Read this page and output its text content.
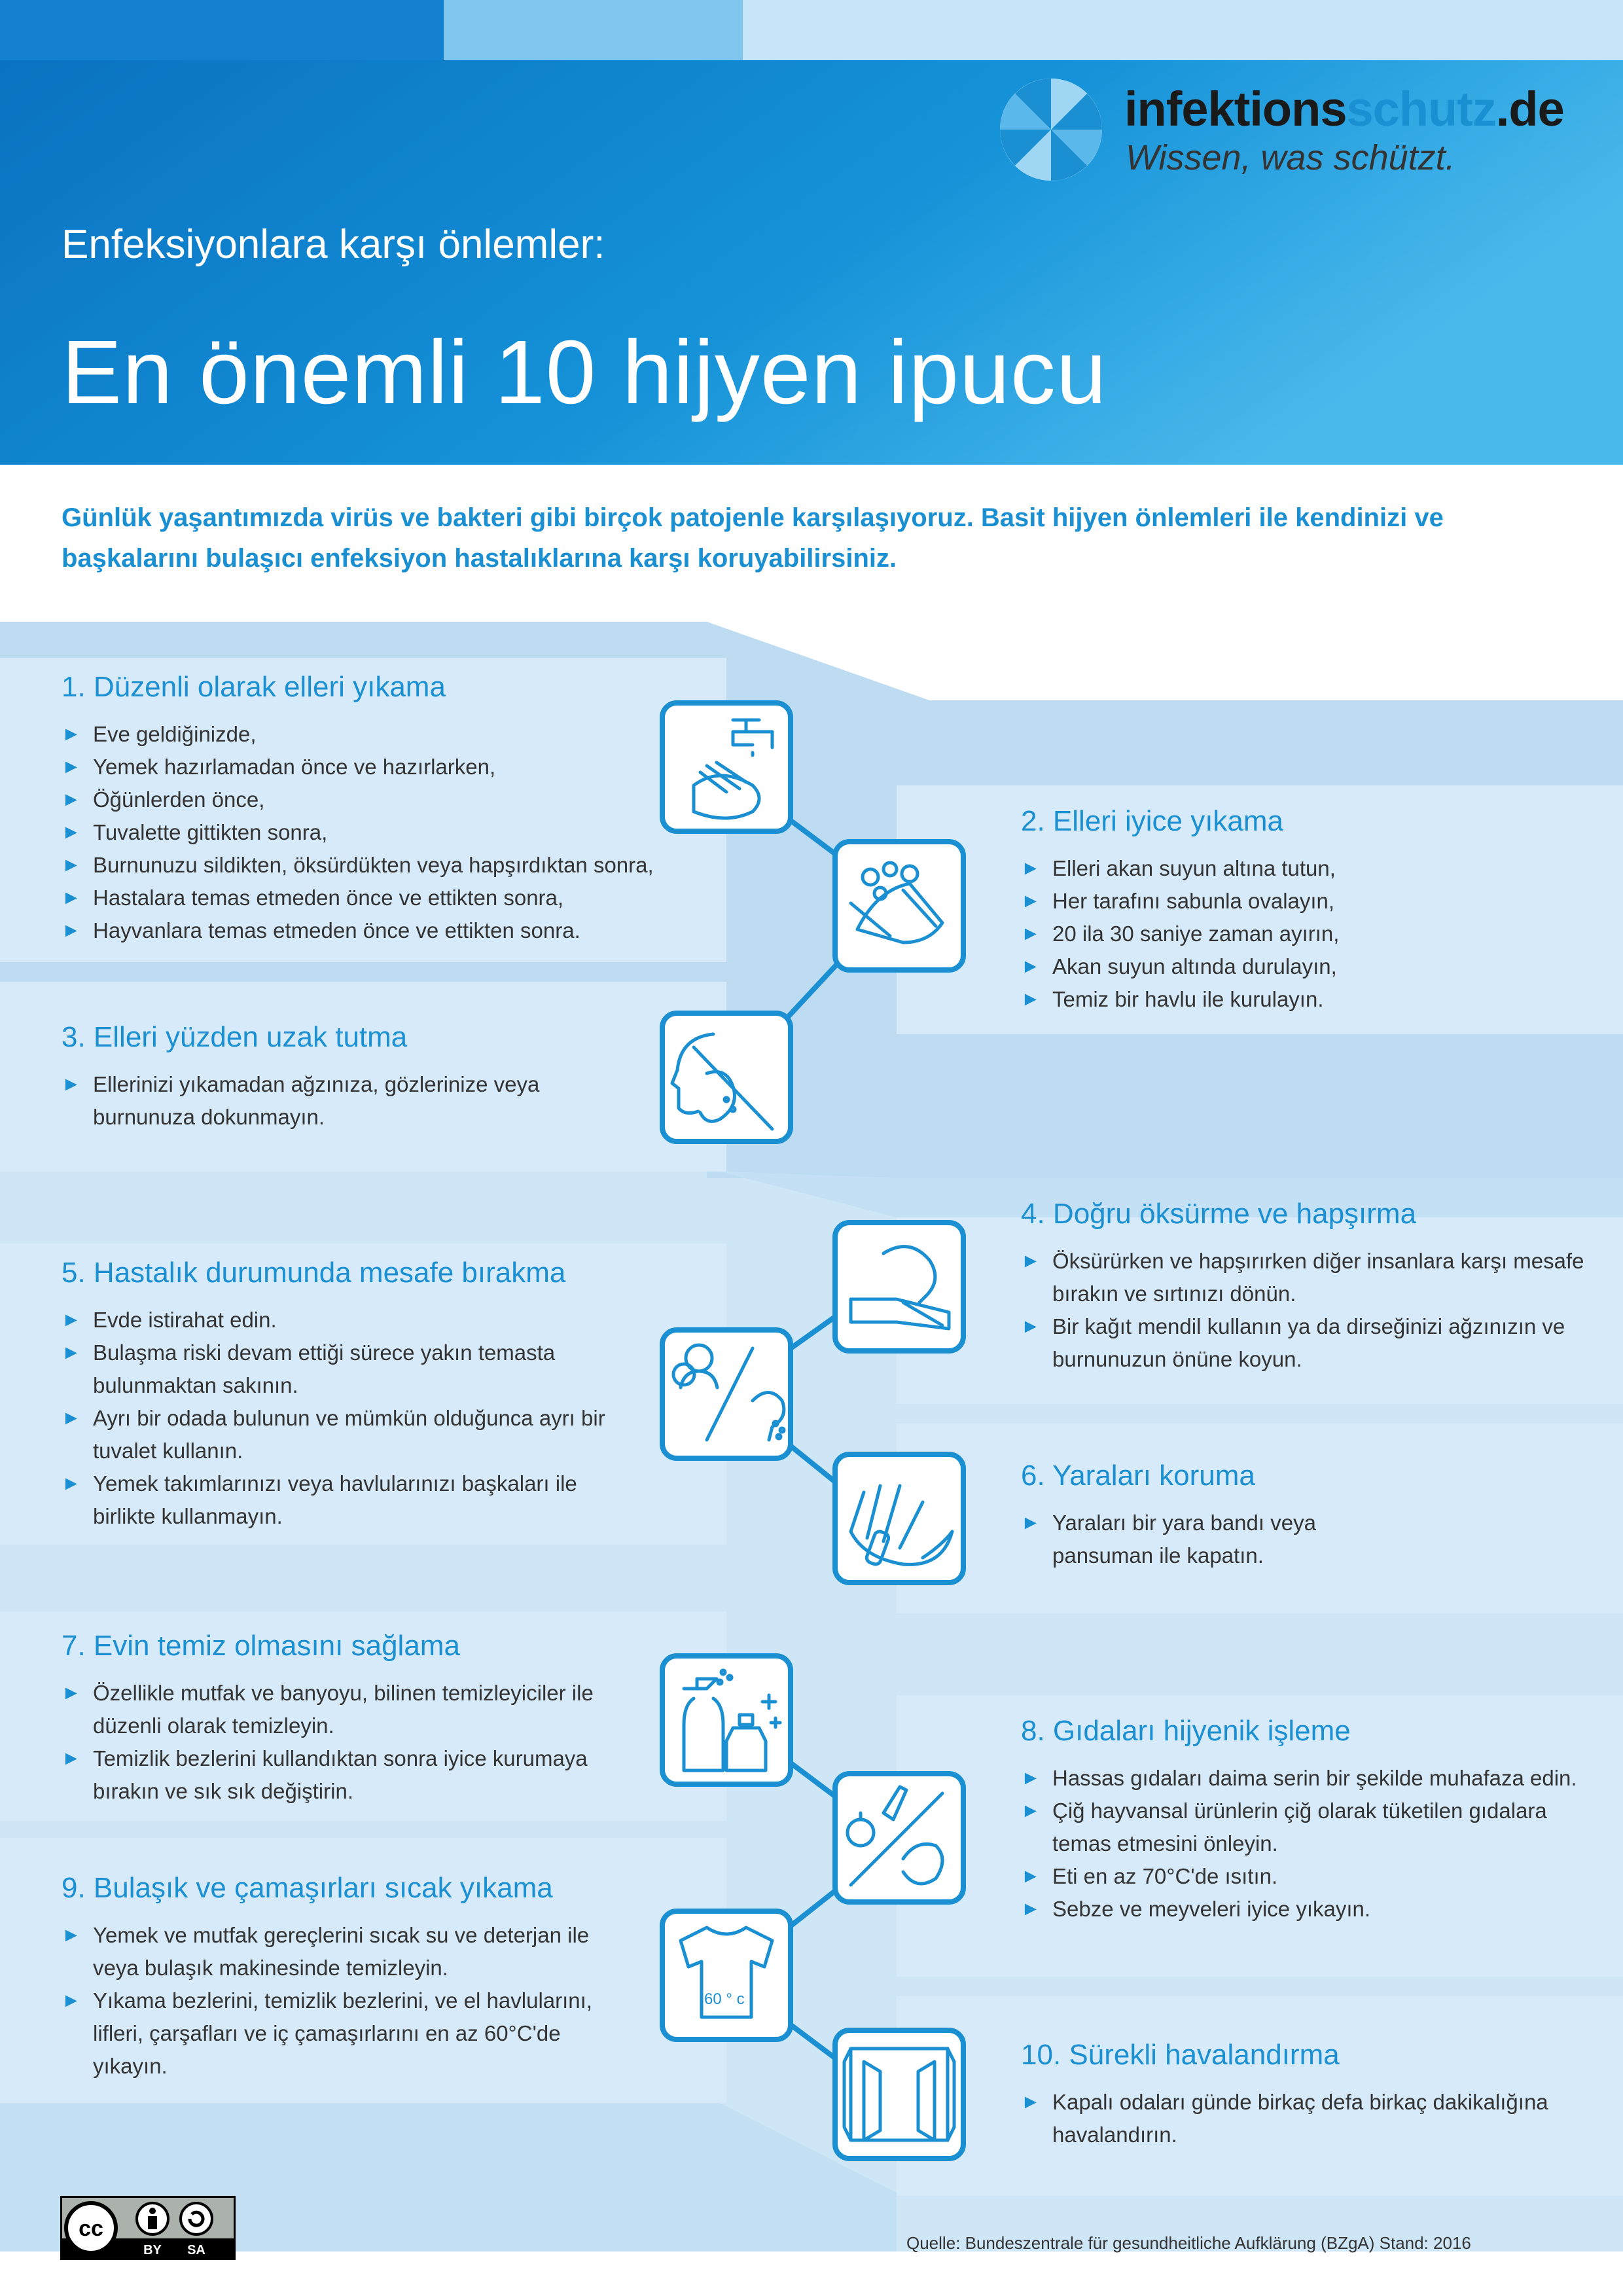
60 ° c
infektionsschutz.de
Wissen, was schützt.
Enfeksiyonlara karşı önlemler:
En önemli 10 hijyen ipucu
Günlük yaşantımızda virüs ve bakteri gibi birçok patojenle karşılaşıyoruz. Basit hijyen önlemleri ile kendinizi ve başkalarını bulaşıcı enfeksiyon hastalıklarına karşı koruyabilirsiniz.
1. Düzenli olarak elleri yıkama
► Eve geldiğinizde,
► Yemek hazırlamadan önce ve hazırlarken,
► Öğünlerden önce,
► Tuvalette gittikten sonra,
► Burnunuzu sildikten, öksürdükten veya hapşırdıktan sonra,
► Hastalara temas etmeden önce ve ettikten sonra,
► Hayvanlara temas etmeden önce ve ettikten sonra.
2. Elleri iyice yıkama
► Elleri akan suyun altına tutun,
► Her tarafını sabunla ovalayın,
► 20 ila 30 saniye zaman ayırın,
► Akan suyun altında durulayın,
► Temiz bir havlu ile kurulayın.
3. Elleri yüzden uzak tutma
► Ellerinizi yıkamadan ağzınıza, gözlerinize veya burnunuza dokunmayın.
4. Doğru öksürme ve hapşırma
► Öksürürken ve hapşırırken diğer insanlara karşı mesafe bırakın ve sırtınızı dönün.
► Bir kağıt mendil kullanın ya da dirseğinizi ağzınızın ve burnunuzun önüne koyun.
5. Hastalık durumunda mesafe bırakma
► Evde istirahat edin.
► Bulaşma riski devam ettiği sürece yakın temasta bulunmaktan sakının.
► Ayrı bir odada bulunun ve mümkün olduğunca ayrı bir tuvalet kullanın.
► Yemek takımlarınızı veya havlularınızı başkaları ile birlikte kullanmayın.
6. Yaraları koruma
► Yaraları bir yara bandı veya pansuman ile kapatın.
7. Evin temiz olmasını sağlama
► Özellikle mutfak ve banyoyu, bilinen temizleyiciler ile düzenli olarak temizleyin.
► Temizlik bezlerini kullandıktan sonra iyice kurumaya bırakın ve sık sık değiştirin.
8. Gıdaları hijyenik işleme
► Hassas gıdaları daima serin bir şekilde muhafaza edin.
► Çiğ hayvansal ürünlerin çiğ olarak tüketilen gıdalara temas etmesini önleyin.
► Eti en az 70°C'de ısıtın.
► Sebze ve meyveleri iyice yıkayın.
9. Bulaşık ve çamaşırları sıcak yıkama
► Yemek ve mutfak gereçlerini sıcak su ve deterjan ile veya bulaşık makinesinde temizleyin.
► Yıkama bezlerini, temizlik bezlerini, ve el havlularını, lifleri, çarşafları ve iç çamaşırlarını en az 60°C'de yıkayın.	10. Sürekli havalandırma
► Kapalı odaları günde birkaç defa birkaç dakikalığına havalandırın.
cc
BY SA	Quelle: Bundeszentrale für gesundheitliche Aufklärung (BZgA) Stand: 2016
